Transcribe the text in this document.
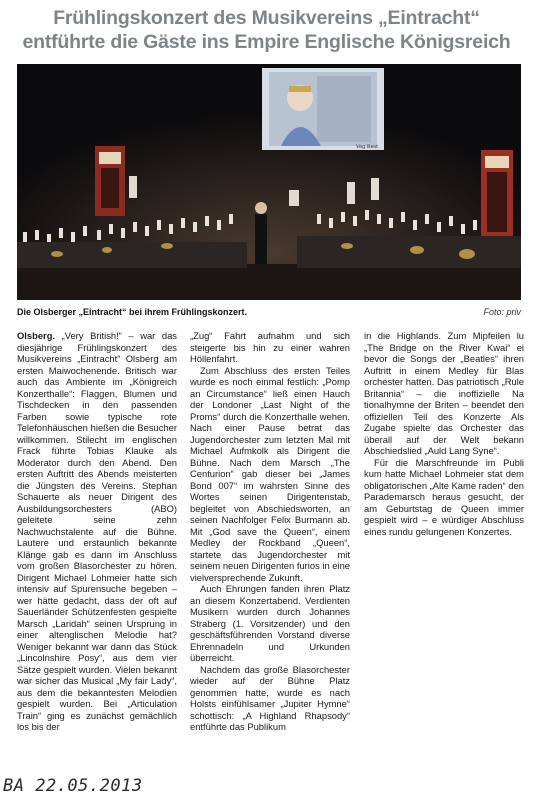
Frühlingskonzert des Musikvereins „Eintracht“
entführte die Gäste ins Empire Englische Königsreich
Veg Best
Die Olsberger „Eintracht“ bei ihrem Frühlingskonzert.	Foto: priv

Olsberg. „Very British!“ – war das diesjährige Frühlingskonzert des Musikvereins „Eintracht“ Olsberg am ersten Maiwochenende. Britisch war auch das Ambiente im „Königreich Konzerthalle“: Flaggen, Blumen und Tischdecken in den passenden Farben sowie typische rote Telefonhäuschen hießen die Besucher willkommen. Stilecht im englischen Frack führte Tobias Klauke als Moderator durch den Abend. Den ersten Auftritt des Abends meisterten die Jüngsten des Vereins. Stephan Schauerte als neuer Dirigent des Ausbildungsorchesters (ABO) geleitete seine zehn Nachwuchstalente auf die Bühne. Lautere und erstaunlich bekannte Klänge gab es dann im Anschluss vom großen Blasorchester zu hören. Dirigent Michael Lohmeier hatte sich intensiv auf Spurensuche begeben – wer hätte gedacht, dass der oft auf Sauerländer Schützenfesten gespielte Marsch „Laridah“ seinen Ursprung in einer altenglischen Melodie hat? Weniger bekannt war dann das Stück „Lincolnshire Posy“, aus dem vier Sätze gespielt wurden. Vielen bekannt war sicher das Musical „My fair Lady“, aus dem die bekanntesten Melodien gespielt wurden. Bei „Articulation Train“ ging es zunächst gemächlich los bis der

„Zug“ Fahrt aufnahm und sich steigerte bis hin zu einer wahren Höllenfahrt.

Zum Abschluss des ersten Teiles wurde es noch einmal festlich: „Pomp an Circumstance“ ließ einen Hauch der Londoner „Last Night of the Proms“ durch die Konzerthalle wehen. Nach einer Pause betrat das Jugendorchester zum letzten Mal mit Michael Aufmkolk als Dirigent die Bühne. Nach dem Marsch „The Centurion“ gab dieser bei „James Bond 007“ im wahrsten Sinne des Wortes seinen Dirigentenstab, begleitet von Abschiedsworten, an seinen Nachfolger Felix Burmann ab. Mit „God save the Queen“, einem Medley der Rockband „Queen“, startete das Jugendorchester mit seinem neuen Dirigenten furios in eine vielversprechende Zukunft.

Auch Ehrungen fanden ihren Platz an diesem Konzertabend. Verdienten Musikern wurden durch Johannes Straberg (1. Vorsitzender) und den geschäftsführenden Vorstand diverse Ehrennadeln und Urkunden überreicht.

Nachdem das große Blasorchester wieder auf der Bühne Platz genommen hatte, wurde es nach Holsts einfühlsamer „Jupiter Hymne“ schottisch: „A Highland Rhapsody“ entführte das Publikum

in die Highlands. Zum Mipfeilen lu „The Bridge on the River Kwai“ ei bevor die Songs der „Beatles“ ihren Auftritt in einem Medley für Blas orchester hatten. Das patriotisch „Rule Britannia“ – die inoffizielle Na tionalhymne der Briten – beendet den offiziellen Teil des Konzerte Als Zugabe spielte das Orchester das überall auf der Welt bekann Abschiedslied „Auld Lang Syne“.

Für die Marschfreunde im Publi kum hatte Michael Lohmeier stat dem obligatorischen „Alte Kame raden“ den Parademarsch heraus gesucht, der am Geburtstag de Queen immer gespielt wird – e würdiger Abschluss eines rundu gelungenen Konzertes.

BA 22.05.2013
